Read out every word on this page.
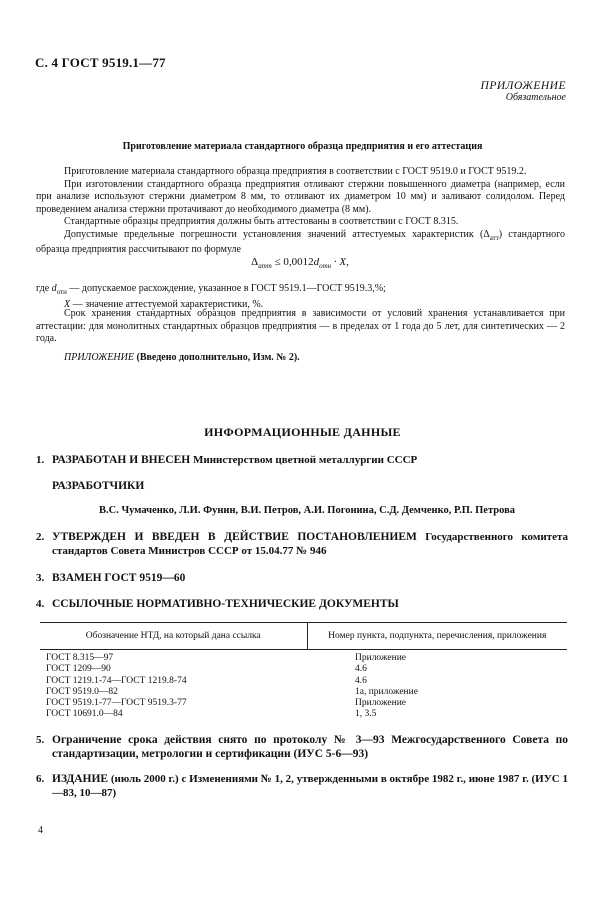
С. 4 ГОСТ 9519.1—77
ПРИЛОЖЕНИЕ
Обязательное
Приготовление материала стандартного образца предприятия и его аттестация

Приготовление материала стандартного образца предприятия в соответствии с ГОСТ 9519.0 и ГОСТ 9519.2.

При изготовлении стандартного образца предприятия отливают стержни повышенного диаметра (например, если при анализе используют стержни диаметром 8 мм, то отливают их диаметром 10 мм) и заливают солидолом. Перед проведением анализа стержни протачивают до необходимого диаметра (8 мм).

Стандартные образцы предприятия должны быть аттестованы в соответствии с ГОСТ 8.315.

Допустимые предельные погрешности установления значений аттестуемых характеристик $(\Delta_{атт})$ стандартного образца предприятия рассчитывают по формуле

$\Delta_{атт} \le 0,0012d_{отн} \cdot X$,
где $d_{отн}$ — допускаемое расхождение, указанное в ГОСТ 9519.1—ГОСТ 9519.3,%;
X — значение аттестуемой характеристики, %.

Срок хранения стандартных образцов предприятия в зависимости от условий хранения устанавливается при аттестации: для монолитных стандартных образцов предприятия — в пределах от 1 года до 5 лет, для синтетических — 2 года.

ПРИЛОЖЕНИЕ (Введено дополнительно, Изм. № 2).

ИНФОРМАЦИОННЫЕ ДАННЫЕ
1. РАЗРАБОТАН И ВНЕСЕН Министерством цветной металлургии СССР
РАЗРАБОТЧИКИ
В.С. Чумаченко, Л.И. Фунин, В.И. Петров, А.И. Погонина, С.Д. Демченко, Р.П. Петрова
2. УТВЕРЖДЕН И ВВЕДЕН В ДЕЙСТВИЕ ПОСТАНОВЛЕНИЕМ Государственного комитета стандартов Совета Министров СССР от 15.04.77 № 946
3. ВЗАМЕН ГОСТ 9519—60
4. ССЫЛОЧНЫЕ НОРМАТИВНО-ТЕХНИЧЕСКИЕ ДОКУМЕНТЫ
Обозначение НТД, на который дана ссылка	Номер пункта, подпункта, перечисления, приложения
ГОСТ 8.315—97	Приложение
ГОСТ 1209—90	4.6
ГОСТ 1219.1-74—ГОСТ 1219.8-74	4.6
ГОСТ 9519.0—82	1а, приложение
ГОСТ 9519.1-77—ГОСТ 9519.3-77	Приложение
ГОСТ 10691.0—84	1, 3.5
5. Ограничение срока действия снято по протоколу № 3—93 Межгосударственного Совета по стандартизации, метрологии и сертификации (ИУС 5-6—93)
6. ИЗДАНИЕ (июль 2000 г.) с Изменениями № 1, 2, утвержденными в октябре 1982 г., июне 1987 г. (ИУС 1—83, 10—87)
4
